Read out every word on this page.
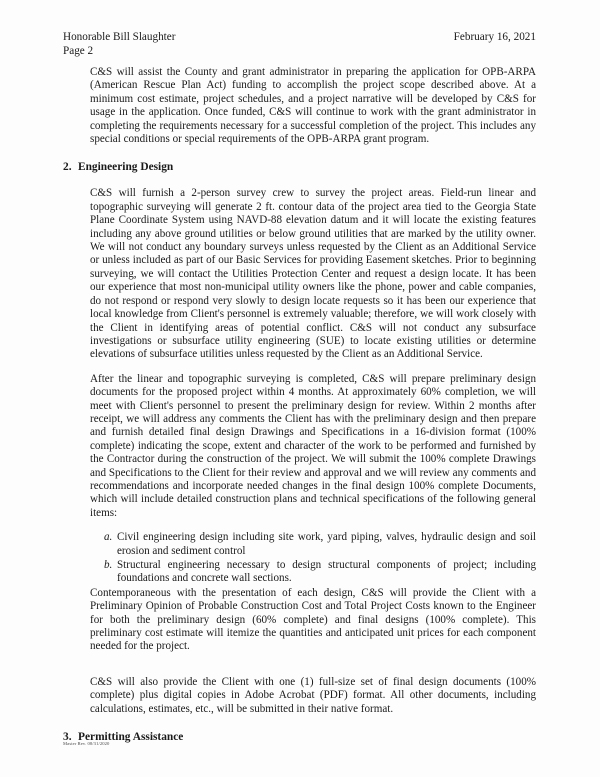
Honorable Bill Slaughter
Page 2
February 16, 2021

C&S will assist the County and grant administrator in preparing the application for OPB-ARPA (American Rescue Plan Act) funding to accomplish the project scope described above. At a minimum cost estimate, project schedules, and a project narrative will be developed by C&S for usage in the application. Once funded, C&S will continue to work with the grant administrator in completing the requirements necessary for a successful completion of the project. This includes any special conditions or special requirements of the OPB-ARPA grant program.

2. Engineering Design

C&S will furnish a 2-person survey crew to survey the project areas. Field-run linear and topographic surveying will generate 2 ft. contour data of the project area tied to the Georgia State Plane Coordinate System using NAVD-88 elevation datum and it will locate the existing features including any above ground utilities or below ground utilities that are marked by the utility owner. We will not conduct any boundary surveys unless requested by the Client as an Additional Service or unless included as part of our Basic Services for providing Easement sketches. Prior to beginning surveying, we will contact the Utilities Protection Center and request a design locate. It has been our experience that most non-municipal utility owners like the phone, power and cable companies, do not respond or respond very slowly to design locate requests so it has been our experience that local knowledge from Client's personnel is extremely valuable; therefore, we will work closely with the Client in identifying areas of potential conflict. C&S will not conduct any subsurface investigations or subsurface utility engineering (SUE) to locate existing utilities or determine elevations of subsurface utilities unless requested by the Client as an Additional Service.

After the linear and topographic surveying is completed, C&S will prepare preliminary design documents for the proposed project within 4 months. At approximately 60% completion, we will meet with Client's personnel to present the preliminary design for review. Within 2 months after receipt, we will address any comments the Client has with the preliminary design and then prepare and furnish detailed final design Drawings and Specifications in a 16-division format (100% complete) indicating the scope, extent and character of the work to be performed and furnished by the Contractor during the construction of the project. We will submit the 100% complete Drawings and Specifications to the Client for their review and approval and we will review any comments and recommendations and incorporate needed changes in the final design 100% complete Documents, which will include detailed construction plans and technical specifications of the following general items:

a. Civil engineering design including site work, yard piping, valves, hydraulic design and soil erosion and sediment control
b. Structural engineering necessary to design structural components of project; including foundations and concrete wall sections.

Contemporaneous with the presentation of each design, C&S will provide the Client with a Preliminary Opinion of Probable Construction Cost and Total Project Costs known to the Engineer for both the preliminary design (60% complete) and final designs (100% complete). This preliminary cost estimate will itemize the quantities and anticipated unit prices for each component needed for the project.

C&S will also provide the Client with one (1) full-size set of final design documents (100% complete) plus digital copies in Adobe Acrobat (PDF) format. All other documents, including calculations, estimates, etc., will be submitted in their native format.

3. Permitting Assistance
Master Rev. 08/31/2020
